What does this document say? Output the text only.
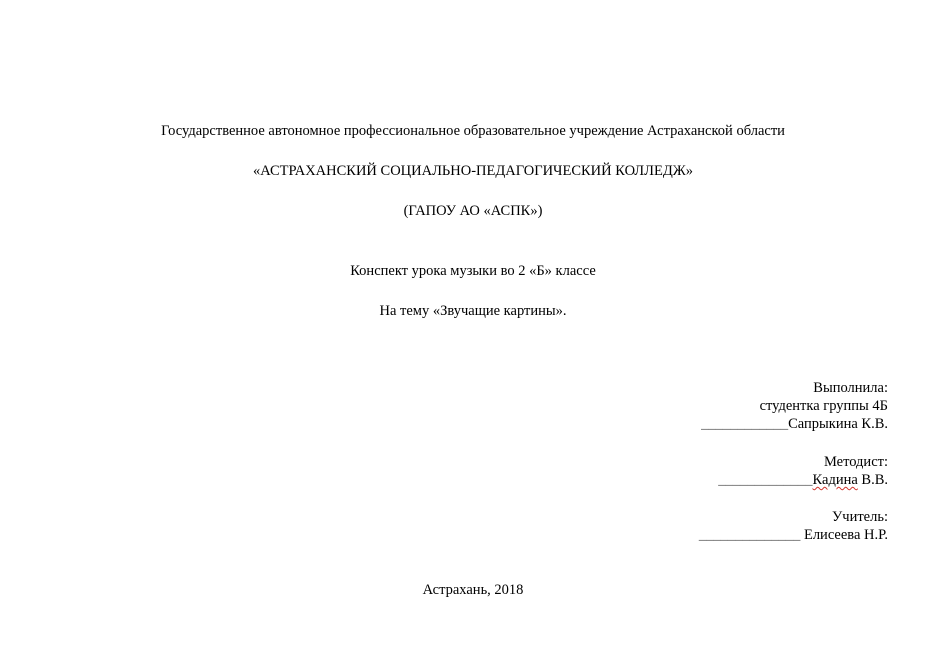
Государственное автономное профессиональное образовательное учреждение Астраханской области
«АСТРАХАНСКИЙ СОЦИАЛЬНО-ПЕДАГОГИЧЕСКИЙ КОЛЛЕДЖ»
(ГАПОУ АО «АСПК»)
Конспект урока музыки во 2 «Б» классе
На тему «Звучащие картины».
Выполнила:
студентка группы 4Б
____________Сапрыкина К.В.
Методист:
_____________Кадина В.В.
Учитель:
______________ Елисеева Н.Р.
Астрахань, 2018
